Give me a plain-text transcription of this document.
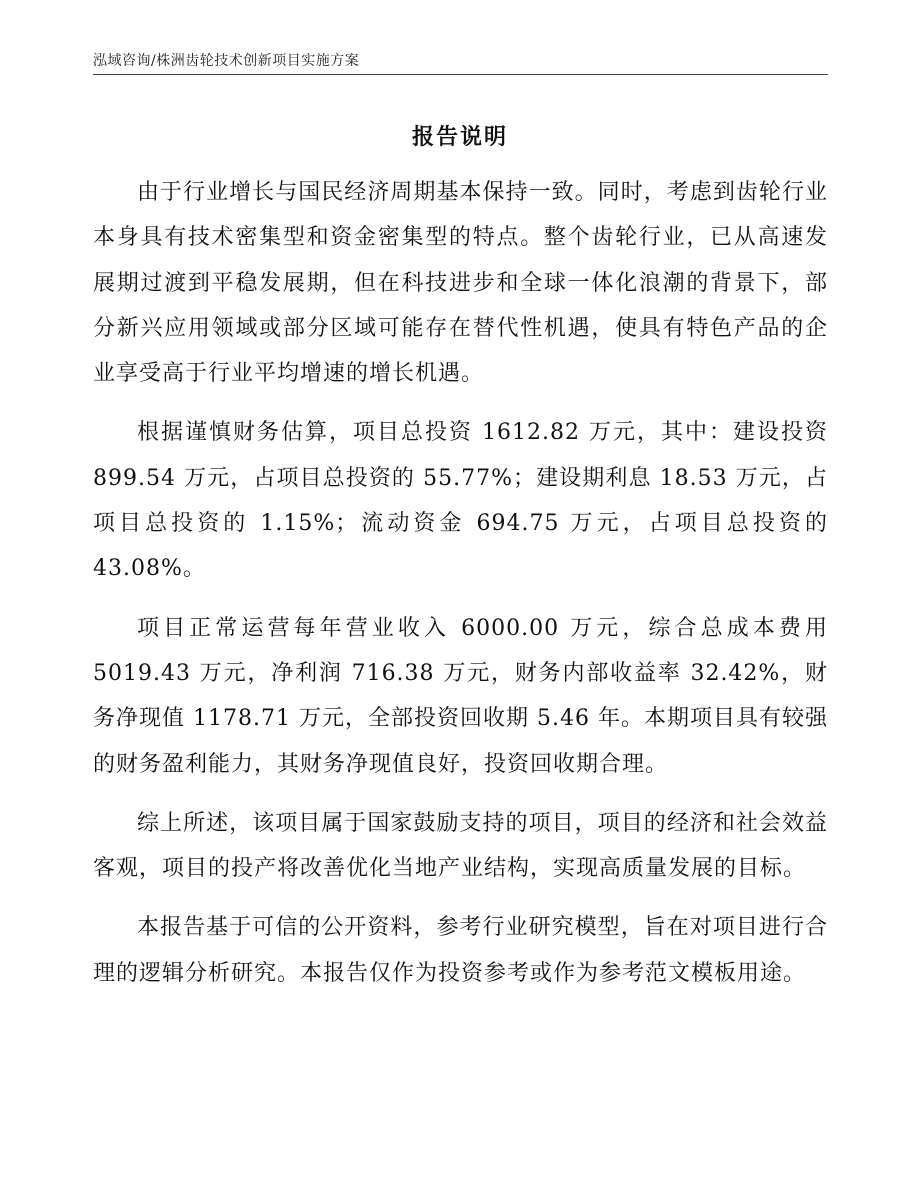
泓域咨询/株洲齿轮技术创新项目实施方案
报告说明

由于行业增长与国民经济周期基本保持一致。同时，考虑到齿轮行业本身具有技术密集型和资金密集型的特点。整个齿轮行业，已从高速发展期过渡到平稳发展期，但在科技进步和全球一体化浪潮的背景下，部分新兴应用领域或部分区域可能存在替代性机遇，使具有特色产品的企业享受高于行业平均增速的增长机遇。

根据谨慎财务估算，项目总投资 1612.82 万元，其中：建设投资 899.54 万元，占项目总投资的 55.77%；建设期利息 18.53 万元，占项目总投资的 1.15%；流动资金 694.75 万元，占项目总投资的 43.08%。

项目正常运营每年营业收入 6000.00 万元，综合总成本费用 5019.43 万元，净利润 716.38 万元，财务内部收益率 32.42%，财务净现值 1178.71 万元，全部投资回收期 5.46 年。本期项目具有较强的财务盈利能力，其财务净现值良好，投资回收期合理。

综上所述，该项目属于国家鼓励支持的项目，项目的经济和社会效益客观，项目的投产将改善优化当地产业结构，实现高质量发展的目标。

本报告基于可信的公开资料，参考行业研究模型，旨在对项目进行合理的逻辑分析研究。本报告仅作为投资参考或作为参考范文模板用途。
